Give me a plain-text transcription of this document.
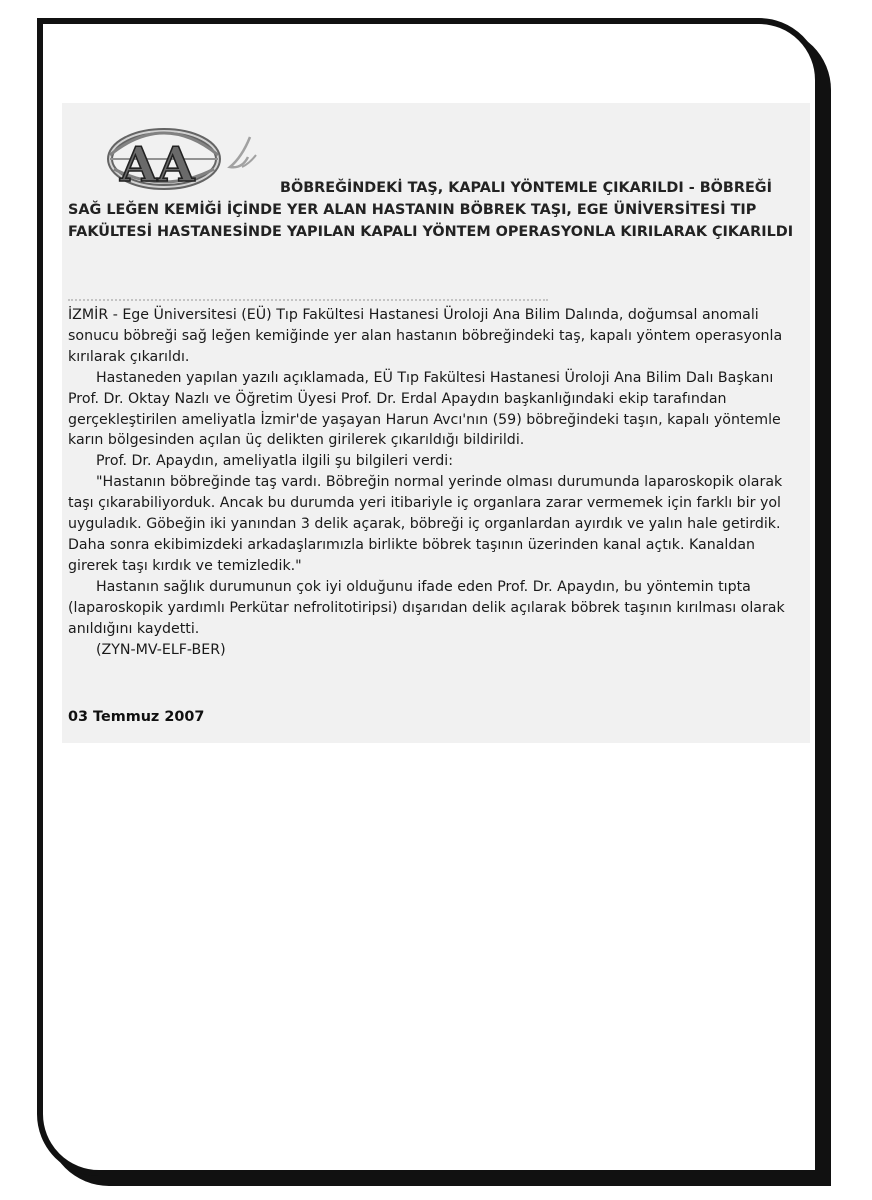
AA	BÖBREĞİNDEKİ TAŞ, KAPALI YÖNTEMLE ÇIKARILDI - BÖBREĞİ SAĞ LEĞEN KEMİĞİ İÇİNDE YER ALAN HASTANIN BÖBREK TAŞI, EGE ÜNİVERSİTESİ TIP FAKÜLTESİ HASTANESİNDE YAPILAN KAPALI YÖNTEM OPERASYONLA KIRILARAK ÇIKARILDI

İZMİR - Ege Üniversitesi (EÜ) Tıp Fakültesi Hastanesi Üroloji Ana Bilim Dalında, doğumsal anomali sonucu böbreği sağ leğen kemiğinde yer alan hastanın böbreğindeki taş, kapalı yöntem operasyonla kırılarak çıkarıldı.

Hastaneden yapılan yazılı açıklamada, EÜ Tıp Fakültesi Hastanesi Üroloji Ana Bilim Dalı Başkanı Prof. Dr. Oktay Nazlı ve Öğretim Üyesi Prof. Dr. Erdal Apaydın başkanlığındaki ekip tarafından gerçekleştirilen ameliyatla İzmir'de yaşayan Harun Avcı'nın (59) böbreğindeki taşın, kapalı yöntemle karın bölgesinden açılan üç delikten girilerek çıkarıldığı bildirildi.

Prof. Dr. Apaydın, ameliyatla ilgili şu bilgileri verdi:

"Hastanın böbreğinde taş vardı. Böbreğin normal yerinde olması durumunda laparoskopik olarak taşı çıkarabiliyorduk. Ancak bu durumda yeri itibariyle iç organlara zarar vermemek için farklı bir yol uyguladık. Göbeğin iki yanından 3 delik açarak, böbreği iç organlardan ayırdık ve yalın hale getirdik. Daha sonra ekibimizdeki arkadaşlarımızla birlikte böbrek taşının üzerinden kanal açtık. Kanaldan girerek taşı kırdık ve temizledik."

Hastanın sağlık durumunun çok iyi olduğunu ifade eden Prof. Dr. Apaydın, bu yöntemin tıpta (laparoskopik yardımlı Perkütar nefrolitotiripsi) dışarıdan delik açılarak böbrek taşının kırılması olarak anıldığını kaydetti.

(ZYN-MV-ELF-BER)

03 Temmuz 2007
